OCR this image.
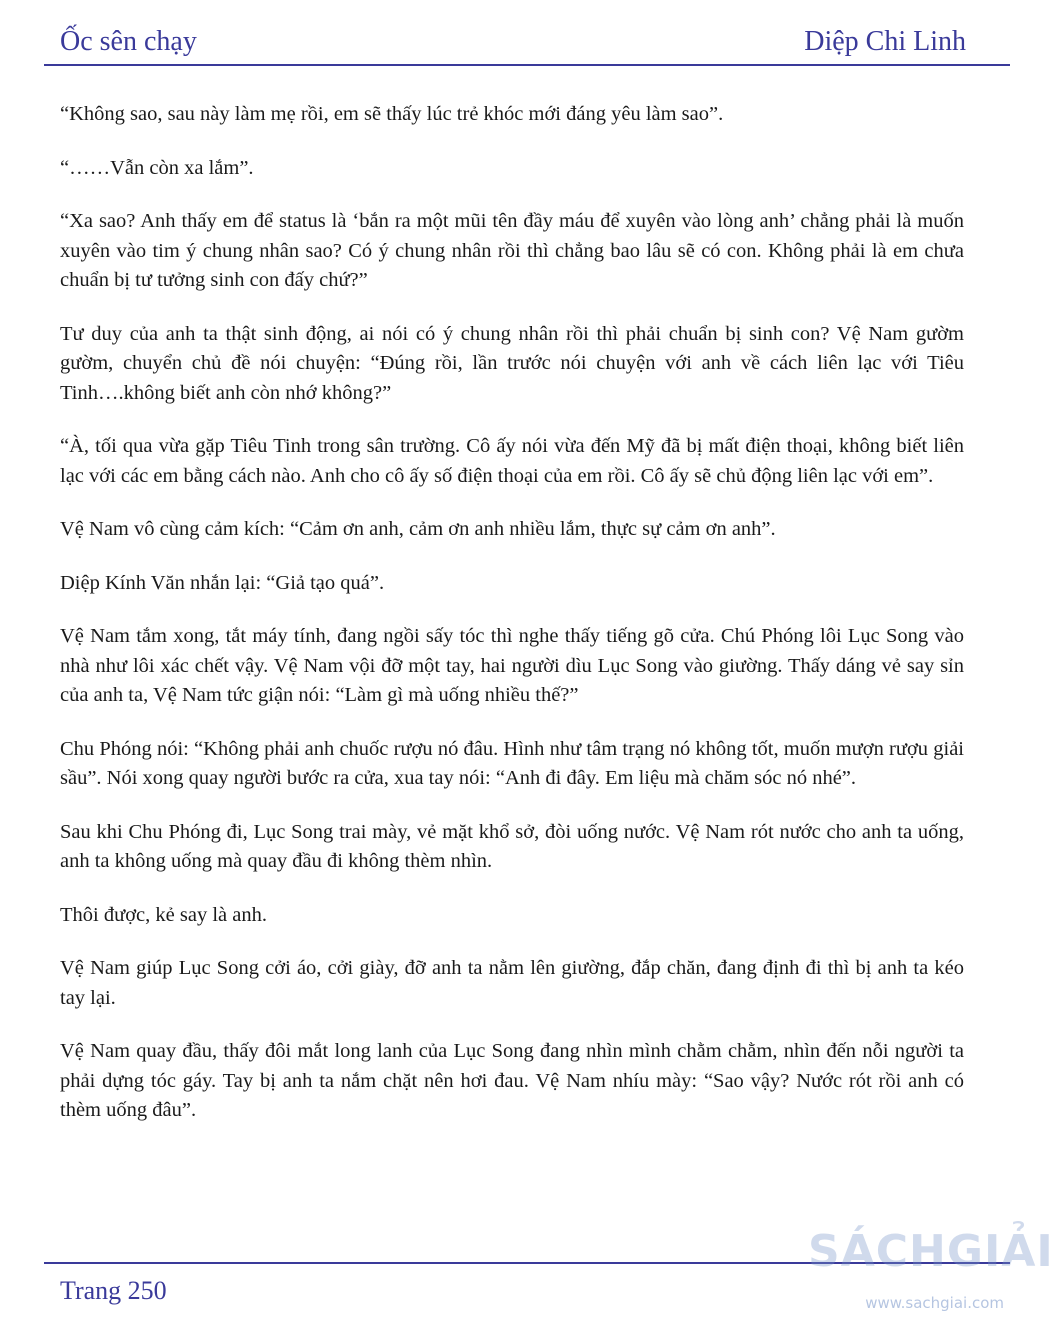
Ốc sên chạy	Diệp Chi Linh

“Không sao, sau này làm mẹ rồi, em sẽ thấy lúc trẻ khóc mới đáng yêu làm sao”.

“……Vẫn còn xa lắm”.

“Xa sao? Anh thấy em để status là ‘bắn ra một mũi tên đầy máu để xuyên vào lòng anh’ chẳng phải là muốn xuyên vào tim ý chung nhân sao? Có ý chung nhân rồi thì chẳng bao lâu sẽ có con. Không phải là em chưa chuẩn bị tư tưởng sinh con đấy chứ?”

Tư duy của anh ta thật sinh động, ai nói có ý chung nhân rồi thì phải chuẩn bị sinh con? Vệ Nam gườm gườm, chuyển chủ đề nói chuyện: “Đúng rồi, lần trước nói chuyện với anh về cách liên lạc với Tiêu Tinh….không biết anh còn nhớ không?”

“À, tối qua vừa gặp Tiêu Tinh trong sân trường. Cô ấy nói vừa đến Mỹ đã bị mất điện thoại, không biết liên lạc với các em bằng cách nào. Anh cho cô ấy số điện thoại của em rồi. Cô ấy sẽ chủ động liên lạc với em”.

Vệ Nam vô cùng cảm kích: “Cảm ơn anh, cảm ơn anh nhiều lắm, thực sự cảm ơn anh”.

Diệp Kính Văn nhắn lại: “Giả tạo quá”.

Vệ Nam tắm xong, tắt máy tính, đang ngồi sấy tóc thì nghe thấy tiếng gõ cửa. Chú Phóng lôi Lục Song vào nhà như lôi xác chết vậy. Vệ Nam vội đỡ một tay, hai người dìu Lục Song vào giường. Thấy dáng vẻ say sỉn của anh ta, Vệ Nam tức giận nói: “Làm gì mà uống nhiều thế?”

Chu Phóng nói: “Không phải anh chuốc rượu nó đâu. Hình như tâm trạng nó không tốt, muốn mượn rượu giải sầu”. Nói xong quay người bước ra cửa, xua tay nói: “Anh đi đây. Em liệu mà chăm sóc nó nhé”.

Sau khi Chu Phóng đi, Lục Song trai mày, vẻ mặt khổ sở, đòi uống nước. Vệ Nam rót nước cho anh ta uống, anh ta không uống mà quay đầu đi không thèm nhìn.

Thôi được, kẻ say là anh.

Vệ Nam giúp Lục Song cởi áo, cởi giày, đỡ anh ta nằm lên giường, đắp chăn, đang định đi thì bị anh ta kéo tay lại.

Vệ Nam quay đầu, thấy đôi mắt long lanh của Lục Song đang nhìn mình chằm chằm, nhìn đến nỗi người ta phải dựng tóc gáy. Tay bị anh ta nắm chặt nên hơi đau. Vệ Nam nhíu mày: “Sao vậy? Nước rót rồi anh có thèm uống đâu”.

Trang 250
SÁCHGIẢI
www.sachgiai.com
